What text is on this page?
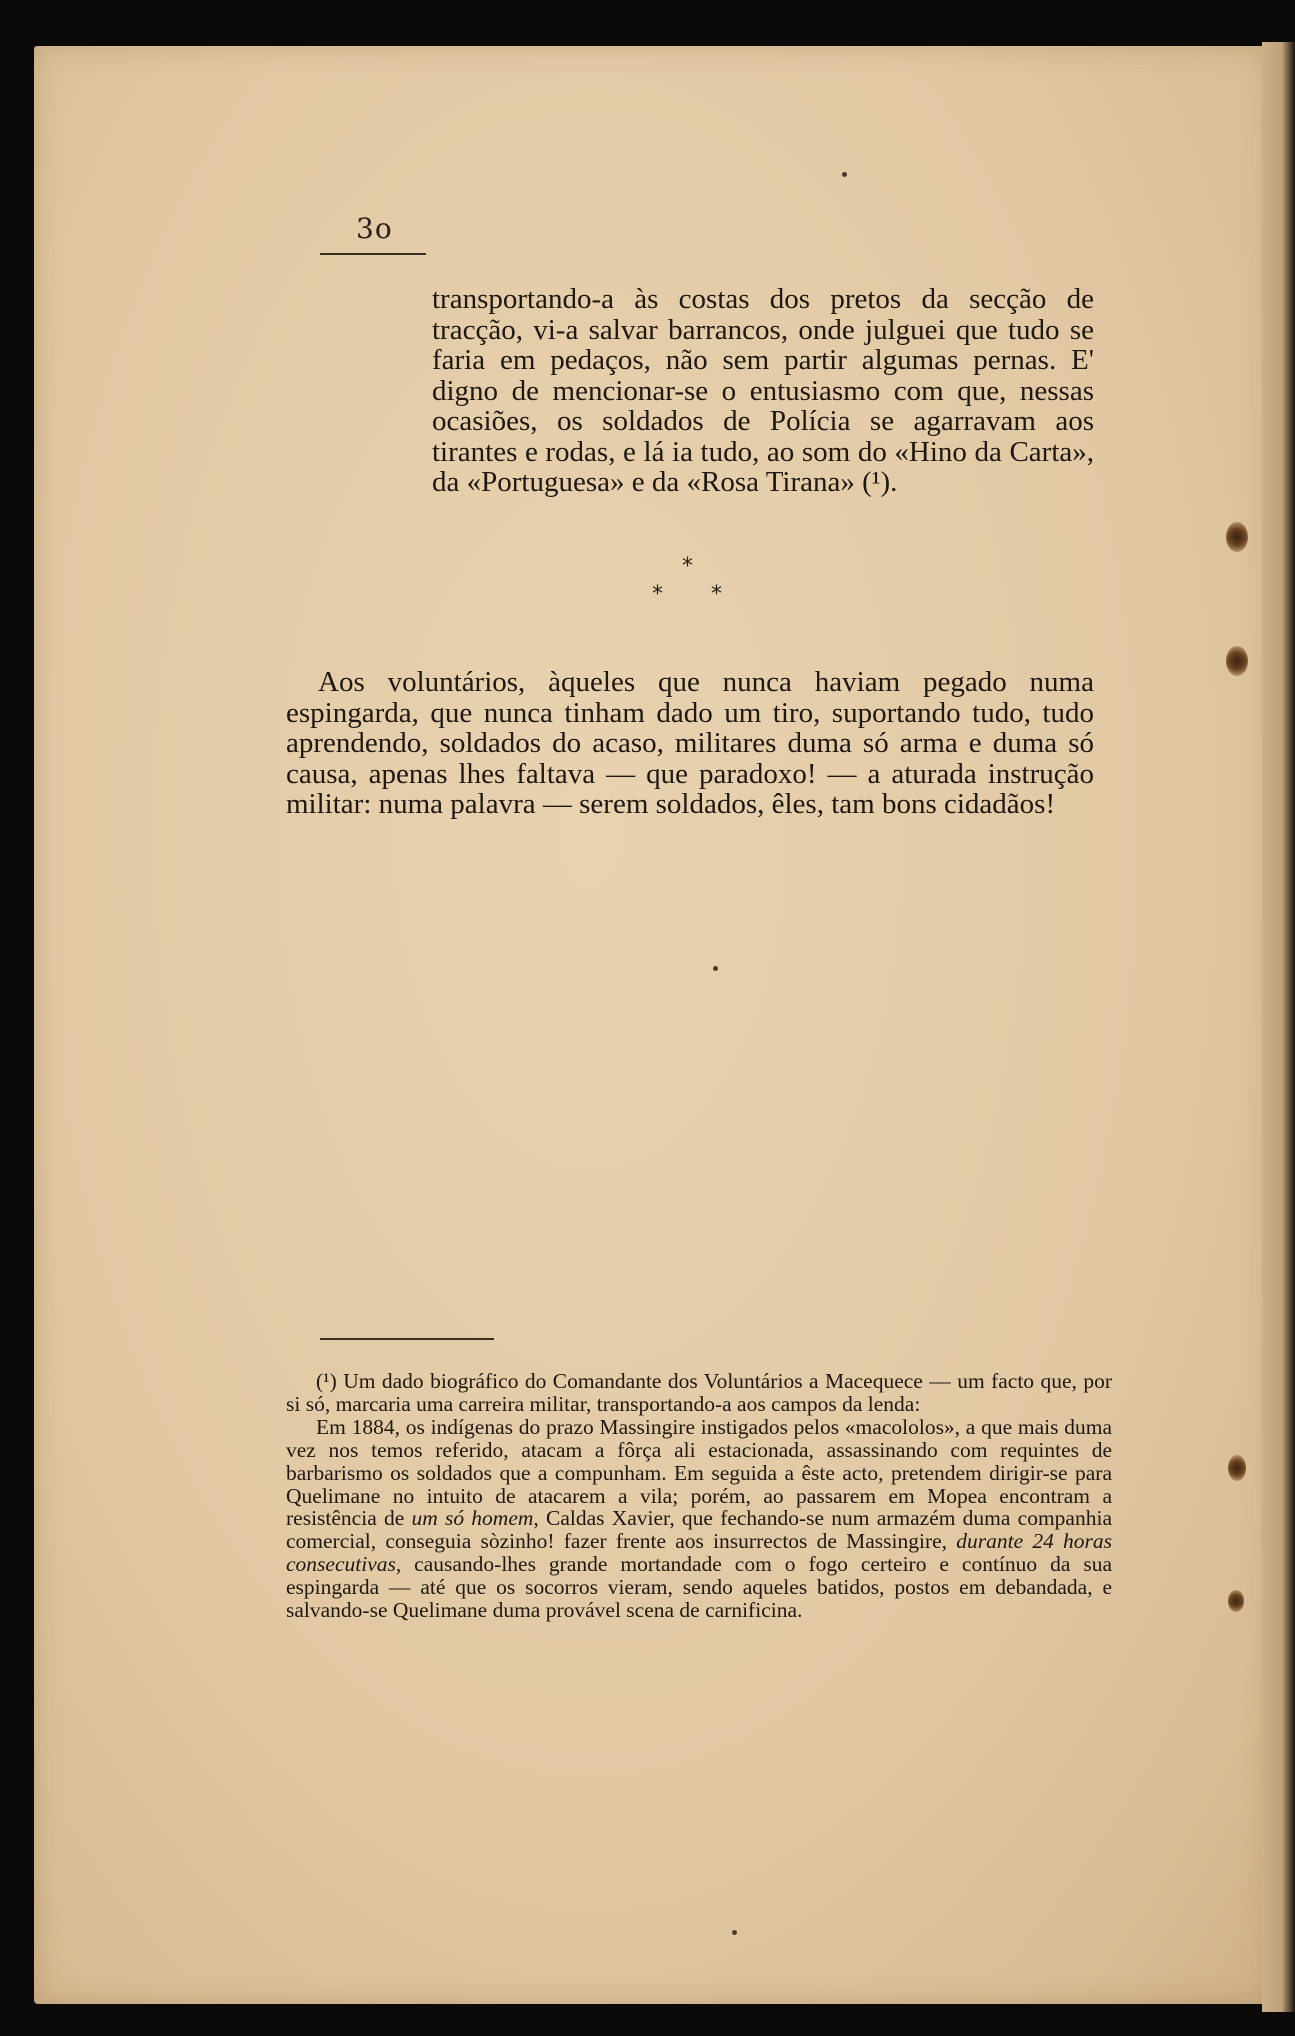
3o

transportando-a às costas dos pretos da secção de tracção, vi-a salvar barrancos, onde julguei que tudo se faria em pedaços, não sem partir algumas pernas. E' digno de mencionar-se o entusiasmo com que, nessas ocasiões, os soldados de Polícia se agarravam aos tirantes e rodas, e lá ia tudo, ao som do «Hino da Carta», da «Portuguesa» e da «Rosa Tirana» (¹).

*
* *

Aos voluntários, àqueles que nunca haviam pegado numa espingarda, que nunca tinham dado um tiro, suportando tudo, tudo aprendendo, soldados do acaso, militares duma só arma e duma só causa, apenas lhes faltava — que paradoxo! — a aturada instrução militar: numa palavra — serem soldados, êles, tam bons cidadãos!

(¹) Um dado biográfico do Comandante dos Voluntários a Macequece — um facto que, por si só, marcaria uma carreira militar, transportando-a aos campos da lenda:

Em 1884, os indígenas do prazo Massingire instigados pelos «macololos», a que mais duma vez nos temos referido, atacam a fôrça ali estacionada, assassinando com requintes de barbarismo os soldados que a compunham. Em seguida a êste acto, pretendem dirigir-se para Quelimane no intuito de atacarem a vila; porém, ao passarem em Mopea encontram a resistência de um só homem, Caldas Xavier, que fechando-se num armazém duma companhia comercial, conseguia sòzinho! fazer frente aos insurrectos de Massingire, durante 24 horas consecutivas, causando-lhes grande mortandade com o fogo certeiro e contínuo da sua espingarda — até que os socorros vieram, sendo aqueles batidos, postos em debandada, e salvando-se Quelimane duma provável scena de carnificina.
